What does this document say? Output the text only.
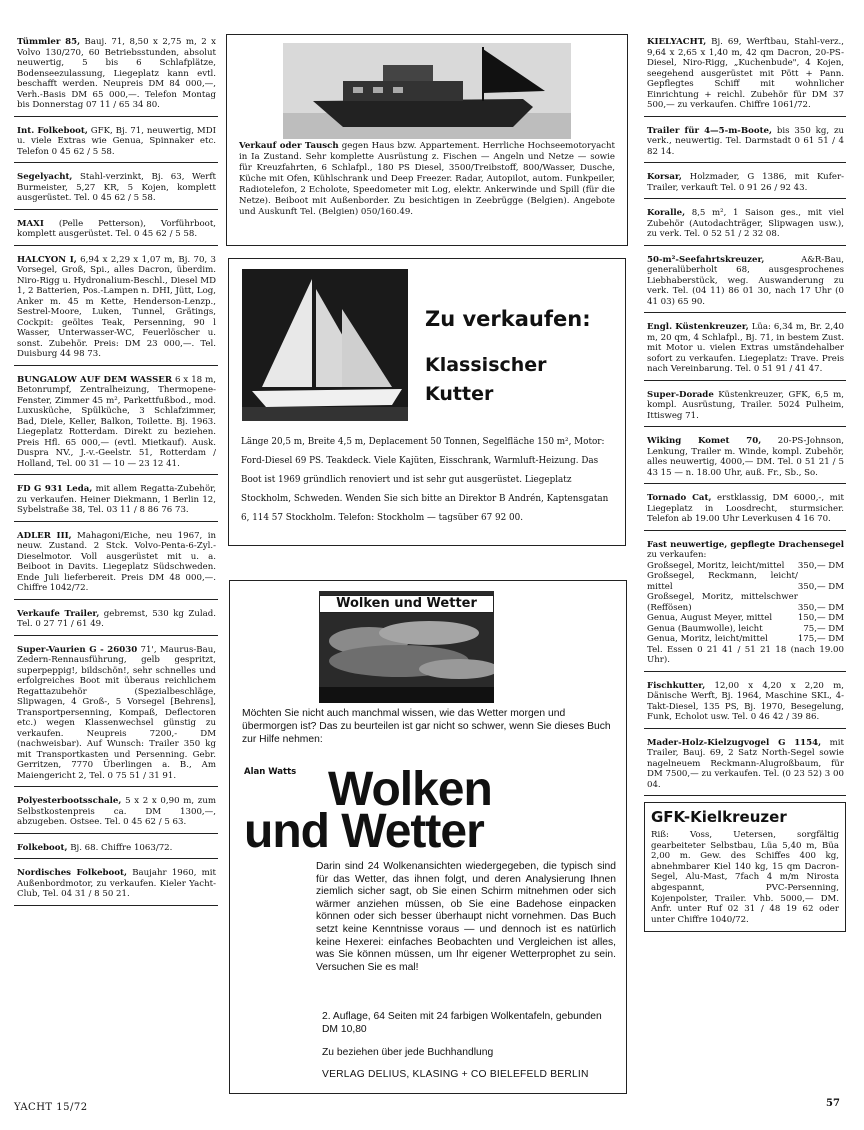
Tümmler 85, Bauj. 71, 8,50 x 2,75 m, 2 x Volvo 130/270, 60 Betriebsstunden, absolut neuwertig, 5 bis 6 Schlafplätze, Bodenseezulassung, Liegeplatz kann evtl. beschafft werden. Neupreis DM 84 000,—, Verh.-Basis DM 65 000,—. Telefon Montag bis Donnerstag 07 11 / 65 34 80.
Int. Folkeboot, GFK, Bj. 71, neuwertig, MDI u. viele Extras wie Genua, Spinnaker etc. Telefon 0 45 62 / 5 58.
Segelyacht, Stahl-verzinkt, Bj. 63, Werft Burmeister, 5,27 KR, 5 Kojen, komplett ausgerüstet. Tel. 0 45 62 / 5 58.
MAXI (Pelle Petterson), Vorführboot, komplett ausgerüstet. Tel. 0 45 62 / 5 58.
HALCYON I, 6,94 x 2,29 x 1,07 m, Bj. 70, 3 Vorsegel, Groß, Spi., alles Dacron, überdim. Niro-Rigg u. Hydronalium-Beschl., Diesel MD 1, 2 Batterien, Pos.-Lampen n. DHI, Jütt, Log, Anker m. 45 m Kette, Henderson-Lenzp., Sestrel-Moore, Luken, Tunnel, Grätings, Cockpit: geöltes Teak, Persenning, 90 l Wasser, Unterwasser-WC, Feuerlöscher u. sonst. Zubehör. Preis: DM 23 000,—. Tel. Duisburg 44 98 73.
BUNGALOW AUF DEM WASSER 6 x 18 m, Betonrumpf, Zentralheizung, Thermopene-Fenster, Zimmer 45 m², Parkettfußbod., mod. Luxusküche, Spülküche, 3 Schlafzimmer, Bad, Diele, Keller, Balkon, Toilette. Bj. 1963. Liegeplatz Rotterdam. Direkt zu beziehen. Preis Hfl. 65 000,— (evtl. Mietkauf). Ausk. Duspra NV., J.-v.-Geelstr. 51, Rotterdam / Holland, Tel. 00 31 — 10 — 23 12 41.
FD G 931 Leda, mit allem Regatta-Zubehör, zu verkaufen. Heiner Diekmann, 1 Berlin 12, Sybelstraße 38, Tel. 03 11 / 8 86 76 73.
ADLER III, Mahagoni/Eiche, neu 1967, in neuw. Zustand. 2 Stck. Volvo-Penta-6-Zyl.-Dieselmotor. Voll ausgerüstet mit u. a. Beiboot in Davits. Liegeplatz Südschweden. Ende Juli lieferbereit. Preis DM 48 000,—. Chiffre 1042/72.
Verkaufe Trailer, gebremst, 530 kg Zulad. Tel. 0 27 71 / 61 49.
Super-Vaurien G - 26030 71', Maurus-Bau, Zedern-Rennausführung, gelb gespritzt, superpeppig!, bildschön!, sehr schnelles und erfolgreiches Boot mit überaus reichlichem Regattazubehör (Spezialbeschläge, Slipwagen, 4 Groß-, 5 Vorsegel [Behrens], Transportpersenning, Kompaß, Deflectoren etc.) wegen Klassenwechsel günstig zu verkaufen. Neupreis 7200,- DM (nachweisbar). Auf Wunsch: Trailer 350 kg mit Transportkasten und Persenning. Gebr. Gerritzen, 7770 Überlingen a. B., Am Maiengericht 2, Tel. 0 75 51 / 31 91.
Polyesterbootsschale, 5 x 2 x 0,90 m, zum Selbstkostenpreis ca. DM 1300,—, abzugeben. Ostsee. Tel. 0 45 62 / 5 63.
Folkeboot, Bj. 68. Chiffre 1063/72.
Nordisches Folkeboot, Baujahr 1960, mit Außenbordmotor, zu verkaufen. Kieler Yacht-Club, Tel. 04 31 / 8 50 21.
Verkauf oder Tausch gegen Haus bzw. Appartement. Herrliche Hochseemotoryacht in Ia Zustand. Sehr komplette Ausrüstung z. Fischen — Angeln und Netze — sowie für Kreuzfahrten, 6 Schlafpl., 180 PS Diesel, 3500/Treibstoff, 800/Wasser, Dusche, Küche mit Ofen, Kühlschrank und Deep Freezer. Radar, Autopilot, autom. Funkpeiler, Radiotelefon, 2 Echolote, Speedometer mit Log, elektr. Ankerwinde und Spill (für die Netze). Beiboot mit Außenborder. Zu besichtigen in Zeebrügge (Belgien). Angebote und Auskunft Tel. (Belgien) 050/160.49.
Zu verkaufen:
Klassischer Kutter
Länge 20,5 m, Breite 4,5 m, Deplacement 50 Tonnen, Segelfläche 150 m², Motor: Ford-Diesel 69 PS. Teakdeck. Viele Kajüten, Eisschrank, Warmluft-Heizung. Das Boot ist 1969 gründlich renoviert und ist sehr gut ausgerüstet. Liegeplatz Stockholm, Schweden. Wenden Sie sich bitte an Direktor B Andrén, Kaptensgatan 6, 114 57 Stockholm. Telefon: Stockholm — tagsüber 67 92 00.
Wolken und Wetter
Möchten Sie nicht auch manchmal wissen, wie das Wetter morgen und übermorgen ist? Das zu beurteilen ist gar nicht so schwer, wenn Sie dieses Buch zur Hilfe nehmen:
Alan Watts Wolken
und Wetter
Darin sind 24 Wolkenansichten wiedergegeben, die typisch sind für das Wetter, das ihnen folgt, und deren Analysierung Ihnen ziemlich sicher sagt, ob Sie einen Schirm mitnehmen oder sich wärmer anziehen müssen, ob Sie eine Badehose einpacken können oder sich besser überhaupt nicht vornehmen. Das Buch setzt keine Kenntnisse voraus — und dennoch ist es natürlich keine Hexerei: einfaches Beobachten und Vergleichen ist alles, was Sie können müssen, um Ihr eigener Wetterprophet zu sein. Versuchen Sie es mal!
2. Auflage, 64 Seiten mit 24 farbigen Wolkentafeln, gebunden DM 10,80
Zu beziehen über jede Buchhandlung
VERLAG DELIUS, KLASING + CO BIELEFELD BERLIN
KIELYACHT, Bj. 69, Werftbau, Stahl-verz., 9,64 x 2,65 x 1,40 m, 42 qm Dacron, 20-PS-Diesel, Niro-Rigg, „Kuchenbude", 4 Kojen, seegehend ausgerüstet mit Pött + Pann. Gepflegtes Schiff mit wohnlicher Einrichtung + reichl. Zubehör für DM 37 500,— zu verkaufen. Chiffre 1061/72.
Trailer für 4—5-m-Boote, bis 350 kg, zu verk., neuwertig. Tel. Darmstadt 0 61 51 / 4 82 14.
Korsar, Holzmader, G 1386, mit Kufer-Trailer, verkauft Tel. 0 91 26 / 92 43.
Koralle, 8,5 m², 1 Saison ges., mit viel Zubehör (Autodachträger, Slipwagen usw.), zu verk. Tel. 0 52 51 / 2 32 08.
50-m²-Seefahrtskreuzer,	A&R-Bau, generalüberholt 68, ausgesprochenes Liebhaberstück, weg. Auswanderung zu verk. Tel. (04 11) 86 01 30, nach 17 Uhr (0 41 03) 65 90.
Engl. Küstenkreuzer, Lüa: 6,34 m, Br. 2,40 m, 20 qm, 4 Schlafpl., Bj. 71, in bestem Zust. mit Motor u. vielen Extras umständehalber sofort zu verkaufen. Liegeplatz: Trave. Preis nach Vereinbarung. Tel. 0 51 91 / 41 47.
Super-Dorade Küstenkreuzer, GFK, 6,5 m, kompl. Ausrüstung, Trailer. 5024 Pulheim, Ittisweg 71.
Wiking Komet 70, 20-PS-Johnson, Lenkung, Trailer m. Winde, kompl. Zubehör, alles neuwertig, 4000,— DM. Tel. 0 51 21 / 5 43 15 — n. 18.00 Uhr, auß. Fr., Sb., So.
Tornado Cat, erstklassig, DM 6000,-, mit Liegeplatz in Loosdrecht, sturmsicher. Telefon ab 19.00 Uhr Leverkusen 4 16 70.
Fast neuwertige, gepflegte Drachensegel zu verkaufen:
Großsegel, Moritz, leicht/mittel 350,— DM
Großsegel, Reckmann, leicht/ mittel	350,— DM
Großsegel, Moritz, mittelschwer (Reffösen)	350,— DM
Genua, August Meyer, mittel	150,— DM
Genua (Baumwolle), leicht	75,— DM
Genua, Moritz, leicht/mittel	175,— DM
Tel. Essen 0 21 41 / 51 21 18 (nach 19.00 Uhr).
Fischkutter, 12,00 x 4,20 x 2,20 m, Dänische Werft, Bj. 1964, Maschine SKL, 4-Takt-Diesel, 135 PS, Bj. 1970, Besegelung, Funk, Echolot usw. Tel. 0 46 42 / 39 86.
Mader-Holz-Kielzugvogel G 1154, mit Trailer, Bauj. 69, 2 Satz North-Segel sowie nagelneuem Reckmann-Alugroßbaum, für DM 7500,— zu verkaufen. Tel. (0 23 52) 3 00 04.
GFK-Kielkreuzer
Riß: Voss, Uetersen, sorgfältig gearbeiteter Selbstbau, Lüa 5,40 m, Büa 2,00 m. Gew. des Schiffes 400 kg, abnehmbarer Kiel 140 kg, 15 qm Dacron-Segel, Alu-Mast, 7fach 4 m/m Nirosta abgespannt, PVC-Persenning, Kojenpolster, Trailer. Vhb. 5000,— DM. Anfr. unter Ruf 02 31 / 48 19 62 oder unter Chiffre 1040/72.
YACHT 15/72	57
